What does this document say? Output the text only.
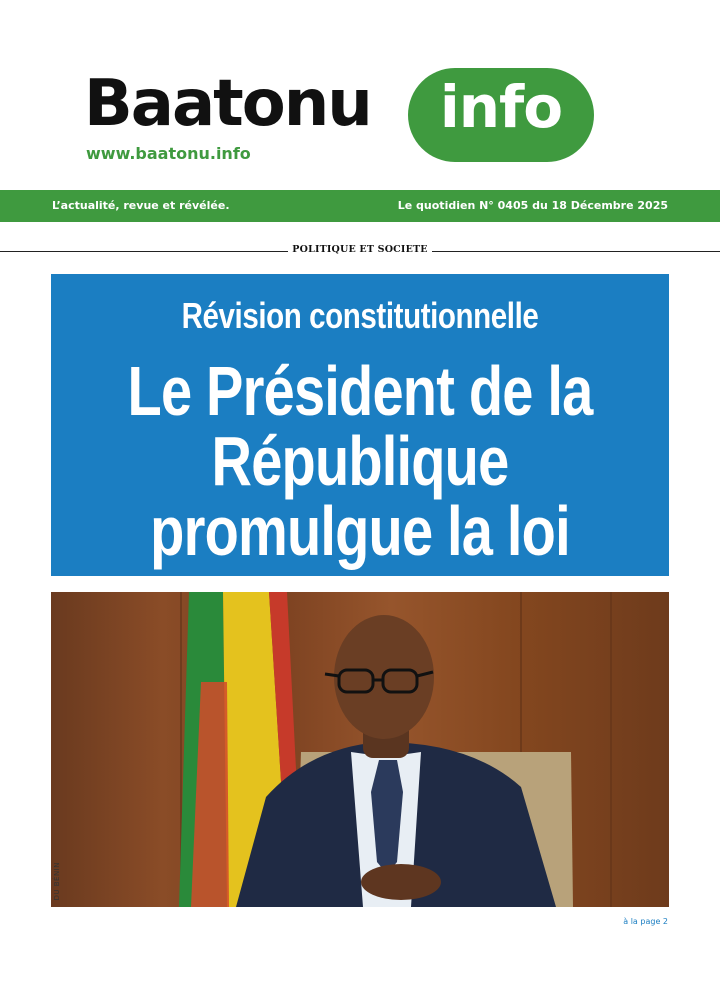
Baatonu	info
www.baatonu.info
L’actualité, revue et révélée.	Le quotidien N° 0405 du 18 Décembre 2025
POLITIQUE ET SOCIETE
Révision constitutionnelle
Le Président de la
République
promulgue la loi
DU BÉNIN
à la page 2
